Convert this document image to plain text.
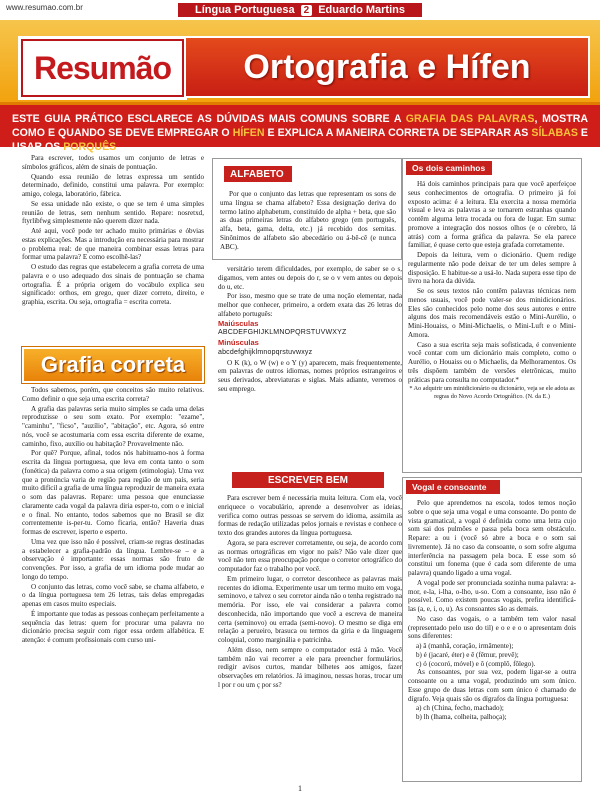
www.resumao.com.br	Língua Portuguesa 2 Eduardo Martins
Resumão Ortografia e Hífen
ESTE GUIA PRÁTICO ESCLARECE AS DÚVIDAS MAIS COMUNS SOBRE A GRAFIA DAS PALAVRAS, MOSTRA COMO E QUANDO SE DEVE EMPREGAR O HÍFEN E EXPLICA A MANEIRA CORRETA DE SEPARAR AS SÍLABAS E USAR OS PORQUÊS

Para escrever, todos usamos um conjunto de letras e símbolos gráficos, além de sinais de pontuação.

Quando essa reunião de letras expressa um sentido determinado, definido, constitui uma palavra. Por exemplo: amigo, colega, laboratório, fábrica.

Se essa unidade não existe, o que se tem é uma simples reunião de letras, sem nenhum sentido. Repare: nosretxd, ftyrlibfwg simplesmente não querem dizer nada.

Até aqui, você pode ter achado muito primárias e óbvias estas explicações. Mas a introdução era necessária para mostrar o problema real: de que maneira combinar essas letras para formar uma palavra? E como escolhê-las?

O estudo das regras que estabelecem a grafia correta de uma palavra e o uso adequado dos sinais de pontuação se chama ortografia. É a própria origem do vocábulo explica seu significado: orthos, em grego, quer dizer correto, direito, e graphia, escrita. Ou seja, ortografia = escrita correta.

Grafia correta

Todos sabemos, porém, que conceitos são muito relativos. Como definir o que seja uma escrita correta?

A grafia das palavras seria muito simples se cada uma delas reproduzisse o seu som exato. Por exemplo: "ezame", "caminhu", "ficso", "auzílio", "abitação", etc. Agora, só entre nós, você se acostumaria com essa escrita diferente de exame, caminho, fixo, auxílio ou habitação? Provavelmente não.

Por quê? Porque, afinal, todos nós habituamo-nos à forma escrita da língua portuguesa, que leva em conta tanto o som (fonética) da palavra como a sua origem (etimologia). Uma vez que a pronúncia varia de região para região de um país, seria muito difícil a grafia de uma língua reproduzir de maneira exata o som das palavras. Repare: uma pessoa que enunciasse claramente cada vogal da palavra diria esper-to, com o e inicial e o final. No entanto, todos sabemos que no Brasil se diz correntemente is-per-tu. Como ficaria, então? Haveria duas formas de escrever, isperto e esperto.

Uma vez que isso não é possível, criam-se regras destinadas a estabelecer a grafia-padrão da língua. Lembre-se – e a observação é importante: essas normas são fruto de convenções. Por isso, a grafia de um idioma pode mudar ao longo do tempo.

O conjunto das letras, como você sabe, se chama alfabeto, e o da língua portuguesa tem 26 letras, tais delas empregadas apenas em casos muito especiais.

É importante que todas as pessoas conheçam perfeitamente a sequência das letras: quem for procurar uma palavra no dicionário precisa seguir com rigor essa ordem alfabética. E atenção: é comum profissionais com curso uni-

ALFABETO

Por que o conjunto das letras que representam os sons de uma língua se chama alfabeto? Essa designação deriva do termo latino alphabetum, constituído de alpha + beta, que são as duas primeiras letras do alfabeto grego (em português, alfa, beta, gama, delta, etc.) já recebido dos semitas. Sinônimos de alfabeto são abecedário ou á-bê-cê (e nunca ABC).

versitário terem dificuldades, por exemplo, de saber se o s, digamos, vem antes ou depois do r, se o v vem antes ou depois do u, etc.

Por isso, mesmo que se trate de uma noção elementar, nada melhor que conhecer, primeiro, a ordem exata das 26 letras do alfabeto português:

Maiúsculas
ABCDEFGHIJKLMNOPQRSTUVWXYZ
Minúsculas
abcdefghijklmnopqrstuvwxyz

O K (k), o W (w) e o Y (y) aparecem, mais frequentemente, em palavras de outros idiomas, nomes próprios estrangeiros e seus derivados, abreviaturas e siglas. Mais adiante, veremos o seu emprego.

ESCREVER BEM

Para escrever bem é necessária muita leitura. Com ela, você enriquece o vocabulário, aprende a desenvolver as ideias, verifica como outras pessoas se servem do idioma, assimila as formas de redação utilizadas pelos jornais e revistas e conhece o texto dos grandes autores da língua portuguesa.

Agora, se para escrever corretamente, ou seja, de acordo com as normas ortográficas em vigor no país? Não vale dizer que você não tem essa preocupação porque o corretor ortográfico do computador faz o trabalho por você.

Em primeiro lugar, o corretor desconhece as palavras mais recentes do idioma. Experimente usar um termo muito em voga, seminovo, e talvez o seu corretor ainda não o tenha registrado na memória. Por isso, ele vai considerar a palavra como desconhecida, não importando que você a escreva de maneira certa (seminovo) ou errada (semi-novo). O mesmo se diga em relação a perueiro, brasuca ou termos da gíria e da linguagem coloquial, como marginália e patricinha.

Além disso, nem sempre o computador está à mão. Você também não vai recorrer a ele para preencher formulários, redigir avisos curtos, mandar bilhetes aos amigos, fazer observações em relatórios. Já imaginou, nessas horas, trocar um l por r ou um ç por ss?

Os dois caminhos

Há dois caminhos principais para que você aperfeiçoe seus conhecimentos de ortografia. O primeiro já foi exposto acima: é a leitura. Ela exercita a nossa memória visual e leva as palavras a se tornarem estranhas quando contêm alguma letra trocada ou fora de lugar. Em suma: promove a integração dos nossos olhos (e o cérebro, lá atrás) com a forma gráfica da palavra. Se ela parece familiar, é quase certo que esteja grafada corretamente.

Depois da leitura, vem o dicionário. Quem redige regularmente não pode deixar de ter um deles sempre à disposição. E habitue-se a usá-lo. Nada supera esse tipo de livro na hora da dúvida.

Se os seus textos não contêm palavras técnicas nem menos usuais, você pode valer-se dos minidicionários. Eles são conhecidos pelo nome dos seus autores e entre alguns dos mais recomendáveis estão o Mini-Aurélio, o Mini-Houaiss, o Mini-Michaelis, o Mini-Luft e o Mini-Amora.

Caso a sua escrita seja mais sofisticada, é conveniente você contar com um dicionário mais completo, como o Aurélio, o Houaiss ou o Michaelis, da Melhoramentos. Os três dispõem também de versões eletrônicas, muito práticas para consulta no computador.*

* Ao adquirir um minidicionário ou dicionário, veja se ele adota as regras do Novo Acordo Ortográfico. (N. da E.)
Vogal e consoante

Pelo que aprendemos na escola, todos temos noção sobre o que seja uma vogal e uma consoante. Do ponto de vista gramatical, a vogal é definida como uma letra cujo som sai dos pulmões e passa pela boca sem obstáculo. Repare: a ou i (você só abre a boca e o som sai livremente). Já no caso da consoante, o som sofre alguma interferência na passagem pela boca. E esse som só constitui um fonema (que é cada som diferente de uma palavra) quando ligado a uma vogal.

A vogal pode ser pronunciada sozinha numa palavra: a-mor, e-la, i-lha, o-lho, u-so. Com a consoante, isso não é possível. Como existem poucas vogais, prefira identificá-las (a, e, i, o, u). As consoantes são as demais.

No caso das vogais, o a também tem valor nasal (representado pelo uso do til) e o e e o o apresentam dois sons diferentes:

a) ã (manhã, coração, irmãmente);
b) é (jacaré, éter) e ê (fêmur, prevê);
c) ó (cocoró, móvel) e ô (complô, fôlego).

As consoantes, por sua vez, podem ligar-se a outra consoante ou a uma vogal, produzindo um som único. Esse grupo de duas letras com som único é chamado de dígrafo. Veja quais são os dígrafos da língua portuguesa:

a) ch (China, fecho, machado);
b) lh (lhama, colheita, palhoça);
1
